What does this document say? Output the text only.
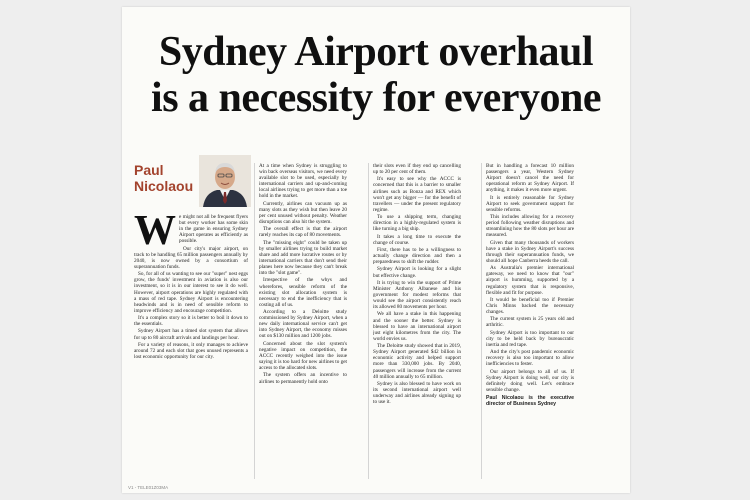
Sydney Airport overhaul
is a necessity for everyone
Paul
Nicolaou
W e might not all be frequent flyers but every worker has some skin in the game in ensuring Sydney Airport operates as efficiently as possible.

Our city's major airport, on track to be handling 65 million passengers annually by 2040, is now owned by a consortium of superannuation funds.

So, for all of us wanting to see our "super" nest eggs grow, the funds' investment in aviation is also our investment, so it is in our interest to see it do well. However, airport operations are highly regulated with a mass of red tape. Sydney Airport is encountering headwinds and is in need of sensible reform to improve efficiency and encourage competition.

It's a complex story so it is better to boil it down to the essentials.

Sydney Airport has a timed slot system that allows for up to 80 aircraft arrivals and landings per hour.

For a variety of reasons, it only manages to achieve around 72 and each slot that goes unused represents a lost economic opportunity for our city.

At a time when Sydney is struggling to win back overseas visitors, we need every available slot to be used, especially by international carriers and up-and-coming local airlines trying to get more than a toe hold in the market.

Currently, airlines can vacuum up as many slots as they wish but then leave 20 per cent unused without penalty. Weather disruptions can also hit the system.

The overall effect is that the airport rarely reaches its cap of 80 movements.

The "missing eight" could be taken up by smaller airlines trying to build market share and add more lucrative routes or by international carriers that don't send their planes here now because they can't break into the "slot game".

Irrespective of the whys and wherefores, sensible reform of the existing slot allocation system is necessary to end the inefficiency that is costing all of us.

According to a Deloitte study commissioned by Sydney Airport, when a new daily international service can't get into Sydney Airport, the economy misses out on $130 million and 1200 jobs.

Concerned about the slot system's negative impact on competition, the ACCC recently weighed into the issue saying it is too hard for new airlines to get access to the allocated slots.

The system offers an incentive to airlines to permanently hold onto

their slots even if they end up cancelling up to 20 per cent of them.

It's easy to see why the ACCC is concerned that this is a barrier to smaller airlines such as Bonza and REX which won't get any bigger — for the benefit of travellers — under the present regulatory regime.

To use a shipping term, changing direction in a highly-regulated system is like turning a big ship.

It takes a long time to execute the change of course.

First, there has to be a willingness to actually change direction and then a preparedness to shift the rudder.

Sydney Airport is looking for a slight but effective change.

It is trying to win the support of Prime Minister Anthony Albanese and his government for modest reforms that would see the airport consistently reach its allowed 80 movements per hour.

We all have a stake in this happening and the sooner the better. Sydney is blessed to have an international airport just eight kilometres from the city. The world envies us.

The Deloitte study showed that in 2019, Sydney Airport generated $42 billion in economic activity and helped support more than 330,000 jobs. By 2040, passengers will increase from the current 40 million annually to 65 million.

Sydney is also blessed to have work on its second international airport well underway and airlines already signing up to use it.

But in handling a forecast 10 million passengers a year, Western Sydney Airport doesn't cancel the need for operational reform at Sydney Airport. If anything, it makes it even more urgent.

It is entirely reasonable for Sydney Airport to seek government support for sensible reforms.

This includes allowing for a recovery period following weather disruptions and streamlining how the 80 slots per hour are measured.

Given that many thousands of workers have a stake in Sydney Airport's success through their superannuation funds, we should all hope Canberra heeds the call.

As Australia's premier international gateway, we need to know that "our" airport is humming, supported by a regulatory system that is responsive, flexible and fit for purpose.

It would be beneficial too if Premier Chris Minns backed the necessary changes.

The current system is 25 years old and arthritic.

Sydney Airport is too important to our city to be held back by bureaucratic inertia and red tape.

And the city's post pandemic economic recovery is also too important to allow inefficiencies to fester.

Our airport belongs to all of us. If Sydney Airport is doing well, our city is definitely doing well. Let's embrace sensible change.

Paul Nicolaou is the executive director of Business Sydney
V1 - TELE01Z03MA
